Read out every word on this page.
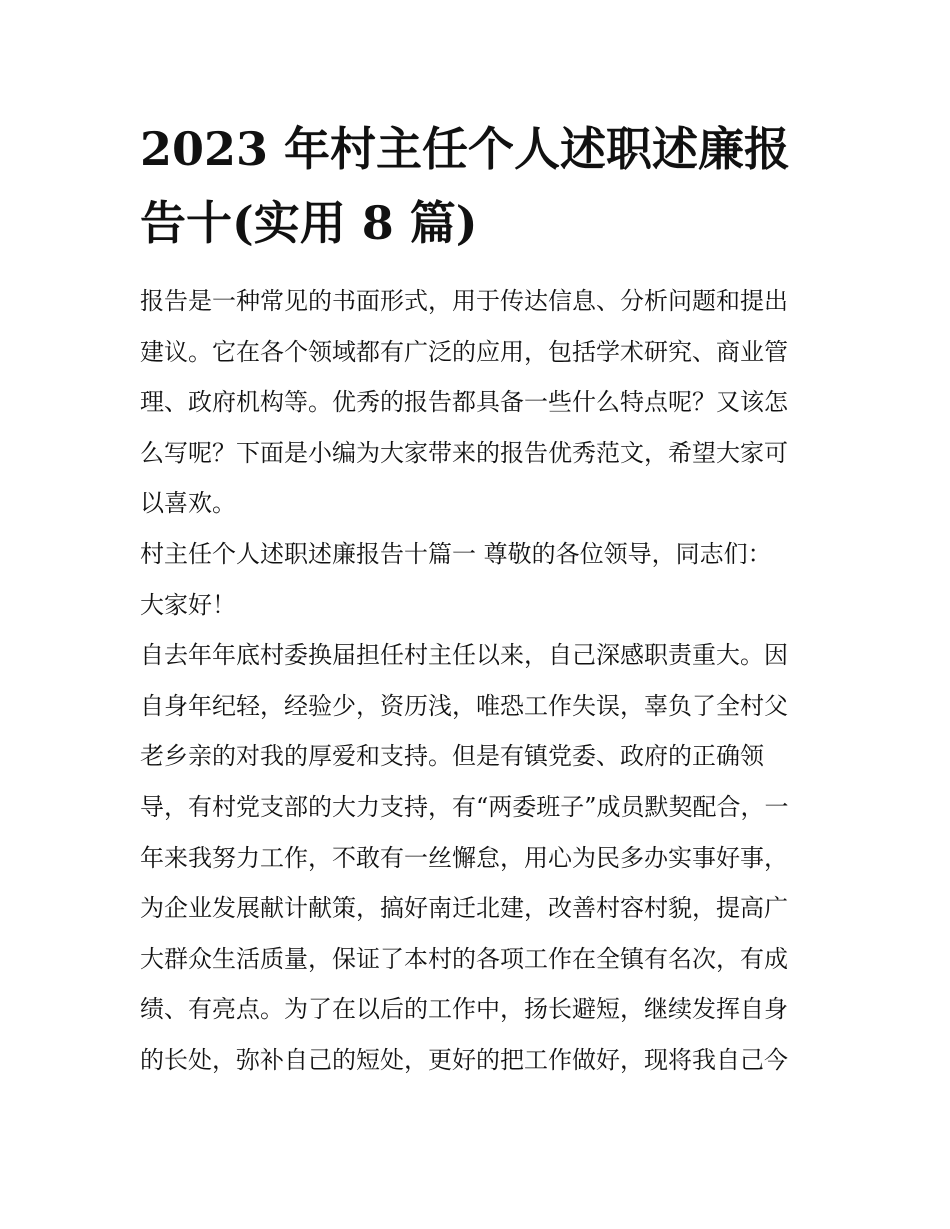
2023 年村主任个人述职述廉报
告十(实用 8 篇)
报告是一种常见的书面形式，用于传达信息、分析问题和提出
建议。它在各个领域都有广泛的应用，包括学术研究、商业管
理、政府机构等。优秀的报告都具备一些什么特点呢？又该怎
么写呢？下面是小编为大家带来的报告优秀范文，希望大家可
以喜欢。
村主任个人述职述廉报告十篇一 尊敬的各位领导，同志们：
大家好！
自去年年底村委换届担任村主任以来，自己深感职责重大。因
自身年纪轻，经验少，资历浅，唯恐工作失误，辜负了全村父
老乡亲的对我的厚爱和支持。但是有镇党委、政府的正确领
导，有村党支部的大力支持，有“两委班子”成员默契配合，一
年来我努力工作，不敢有一丝懈怠，用心为民多办实事好事，
为企业发展献计献策，搞好南迁北建，改善村容村貌，提高广
大群众生活质量，保证了本村的各项工作在全镇有名次，有成
绩、有亮点。为了在以后的工作中，扬长避短，继续发挥自身
的长处，弥补自己的短处，更好的把工作做好，现将我自己今
